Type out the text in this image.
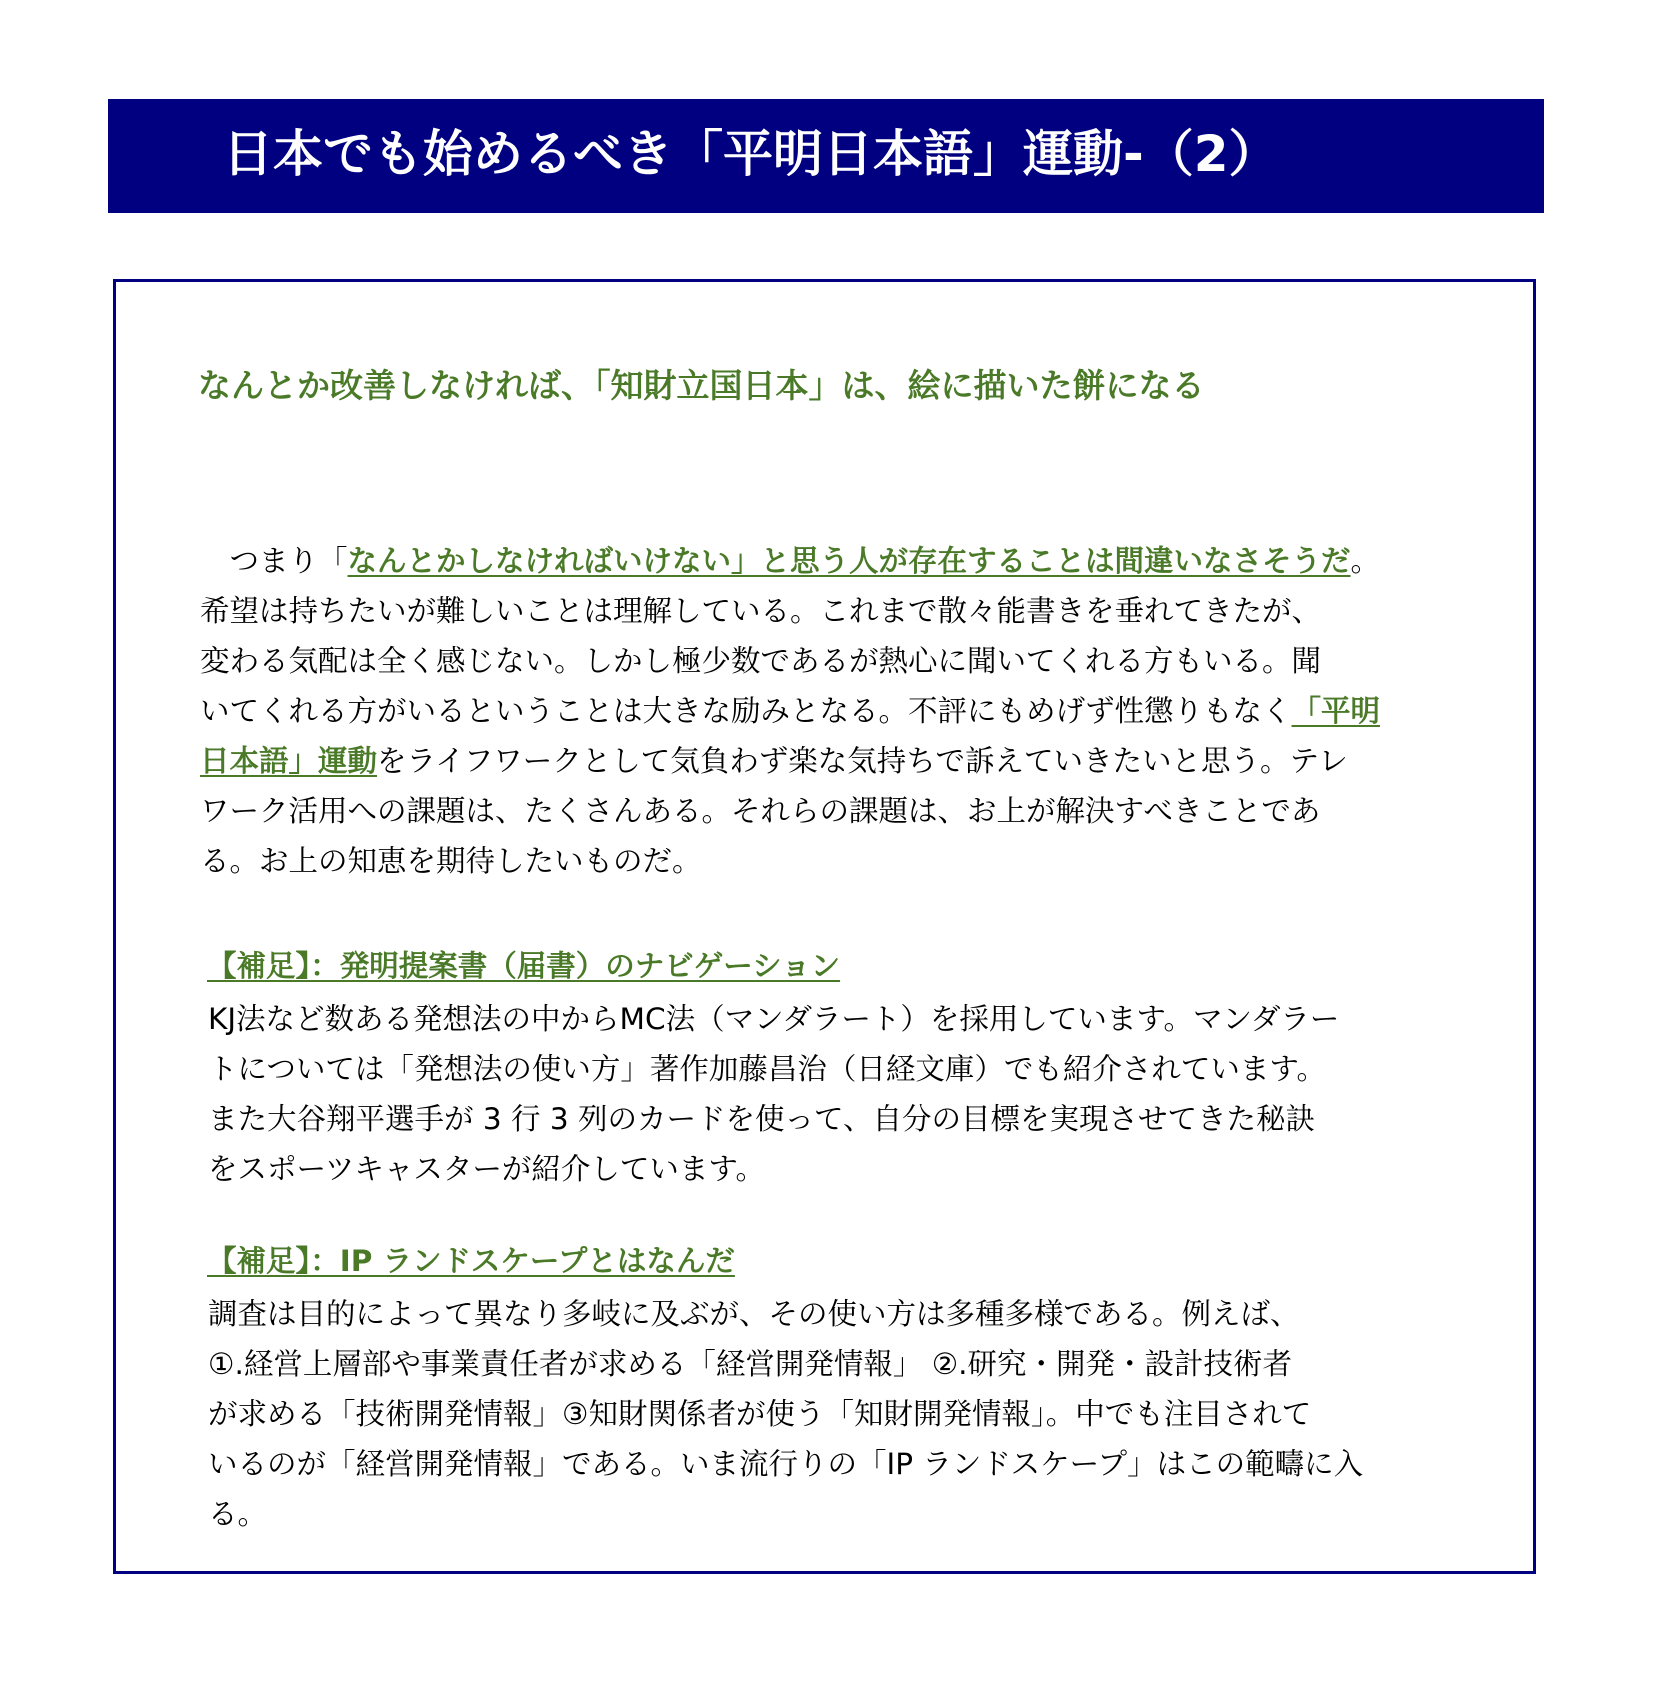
日本でも始めるべき「平明日本語」運動-（2）
なんとか改善しなければ、「知財立国日本」は、絵に描いた餅になる
　つまり「なんとかしなければいけない」と思う人が存在することは間違いなさそうだ。
希望は持ちたいが難しいことは理解している。これまで散々能書きを垂れてきたが、
変わる気配は全く感じない。しかし極少数であるが熱心に聞いてくれる方もいる。聞
いてくれる方がいるということは大きな励みとなる。不評にもめげず性懲りもなく「平明
日本語」運動をライフワークとして気負わず楽な気持ちで訴えていきたいと思う。テレ
ワーク活用への課題は、たくさんある。それらの課題は、お上が解決すべきことであ
る。お上の知恵を期待したいものだ。
【補足】：発明提案書（届書）のナビゲーション
KJ法など数ある発想法の中からMC法（マンダラート）を採用しています。マンダラー
トについては「発想法の使い方」著作加藤昌治（日経文庫）でも紹介されています。
また大谷翔平選手が 3 行 3 列のカードを使って、自分の目標を実現させてきた秘訣
をスポーツキャスターが紹介しています。
【補足】：IP ランドスケープとはなんだ
調査は目的によって異なり多岐に及ぶが、その使い方は多種多様である。例えば、
①.経営上層部や事業責任者が求める「経営開発情報」 ②.研究・開発・設計技術者
が求める「技術開発情報」③知財関係者が使う「知財開発情報」。中でも注目されて
いるのが「経営開発情報」である。いま流行りの「IP ランドスケープ」はこの範疇に入
る。
